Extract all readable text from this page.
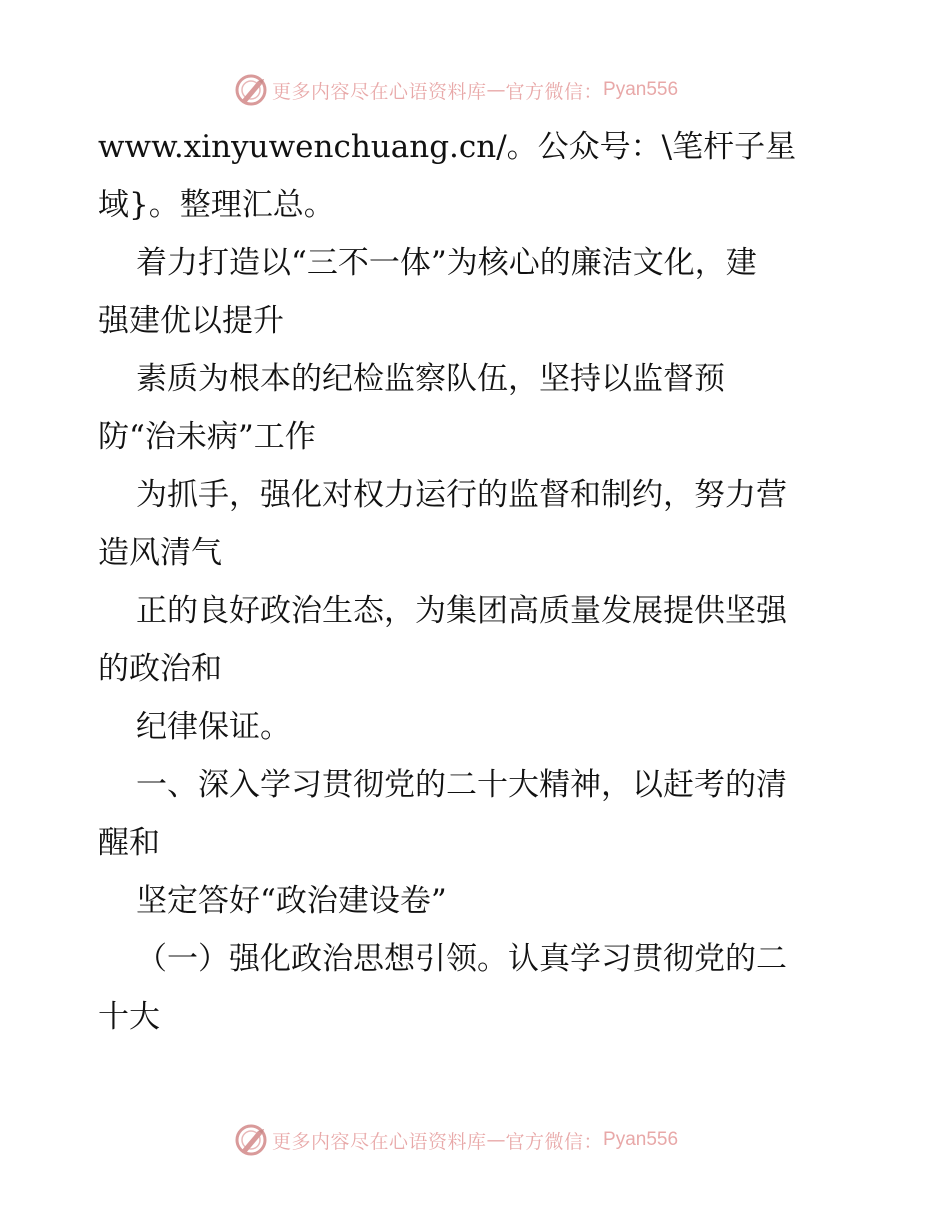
更多内容尽在心语资料库 — 官方微信： Pyan556
www.xinyuwenchuang.cn/。公众号：\笔杆子星
域}。整理汇总。
着力打造以“三不一体”为核心的廉洁文化，建
强建优以提升
素质为根本的纪检监察队伍，坚持以监督预
防“治未病”工作
为抓手，强化对权力运行的监督和制约，努力营
造风清气
正的良好政治生态，为集团高质量发展提供坚强
的政治和
纪律保证。
一、深入学习贯彻党的二十大精神，以赶考的清
醒和
坚定答好“政治建设卷”
（一）强化政治思想引领。认真学习贯彻党的二
十大
更多内容尽在心语资料库 — 官方微信： Pyan556
